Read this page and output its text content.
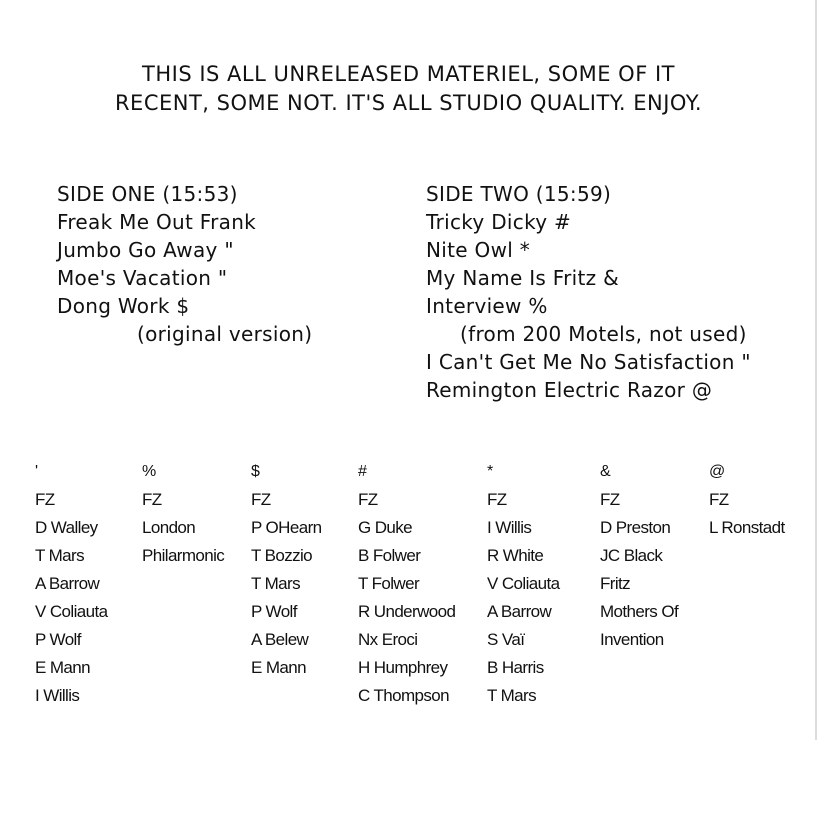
THIS IS ALL UNRELEASED MATERIEL, SOME OF IT
RECENT, SOME NOT. IT'S ALL STUDIO QUALITY. ENJOY.
SIDE ONE (15:53)
Freak Me Out Frank
Jumbo Go Away "
Moe's Vacation "
Dong Work $
(original version)
SIDE TWO (15:59)
Tricky Dicky #
Nite Owl *
My Name Is Fritz &
Interview %
(from 200 Motels, not used)
I Can't Get Me No Satisfaction "
Remington Electric Razor @
'
FZ
D Walley
T Mars
A Barrow
V Coliauta
P Wolf
E Mann
I Willis
%
FZ
London
Philarmonic
$
FZ
P OHearn
T Bozzio
T Mars
P Wolf
A Belew
E Mann
#
FZ
G Duke
B Folwer
T Folwer
R Underwood
Nx Eroci
H Humphrey
C Thompson
*
FZ
I Willis
R White
V Coliauta
A Barrow
S Vaï
B Harris
T Mars
&
FZ
D Preston
JC Black
Fritz
Mothers Of
Invention
@
FZ
L Ronstadt
